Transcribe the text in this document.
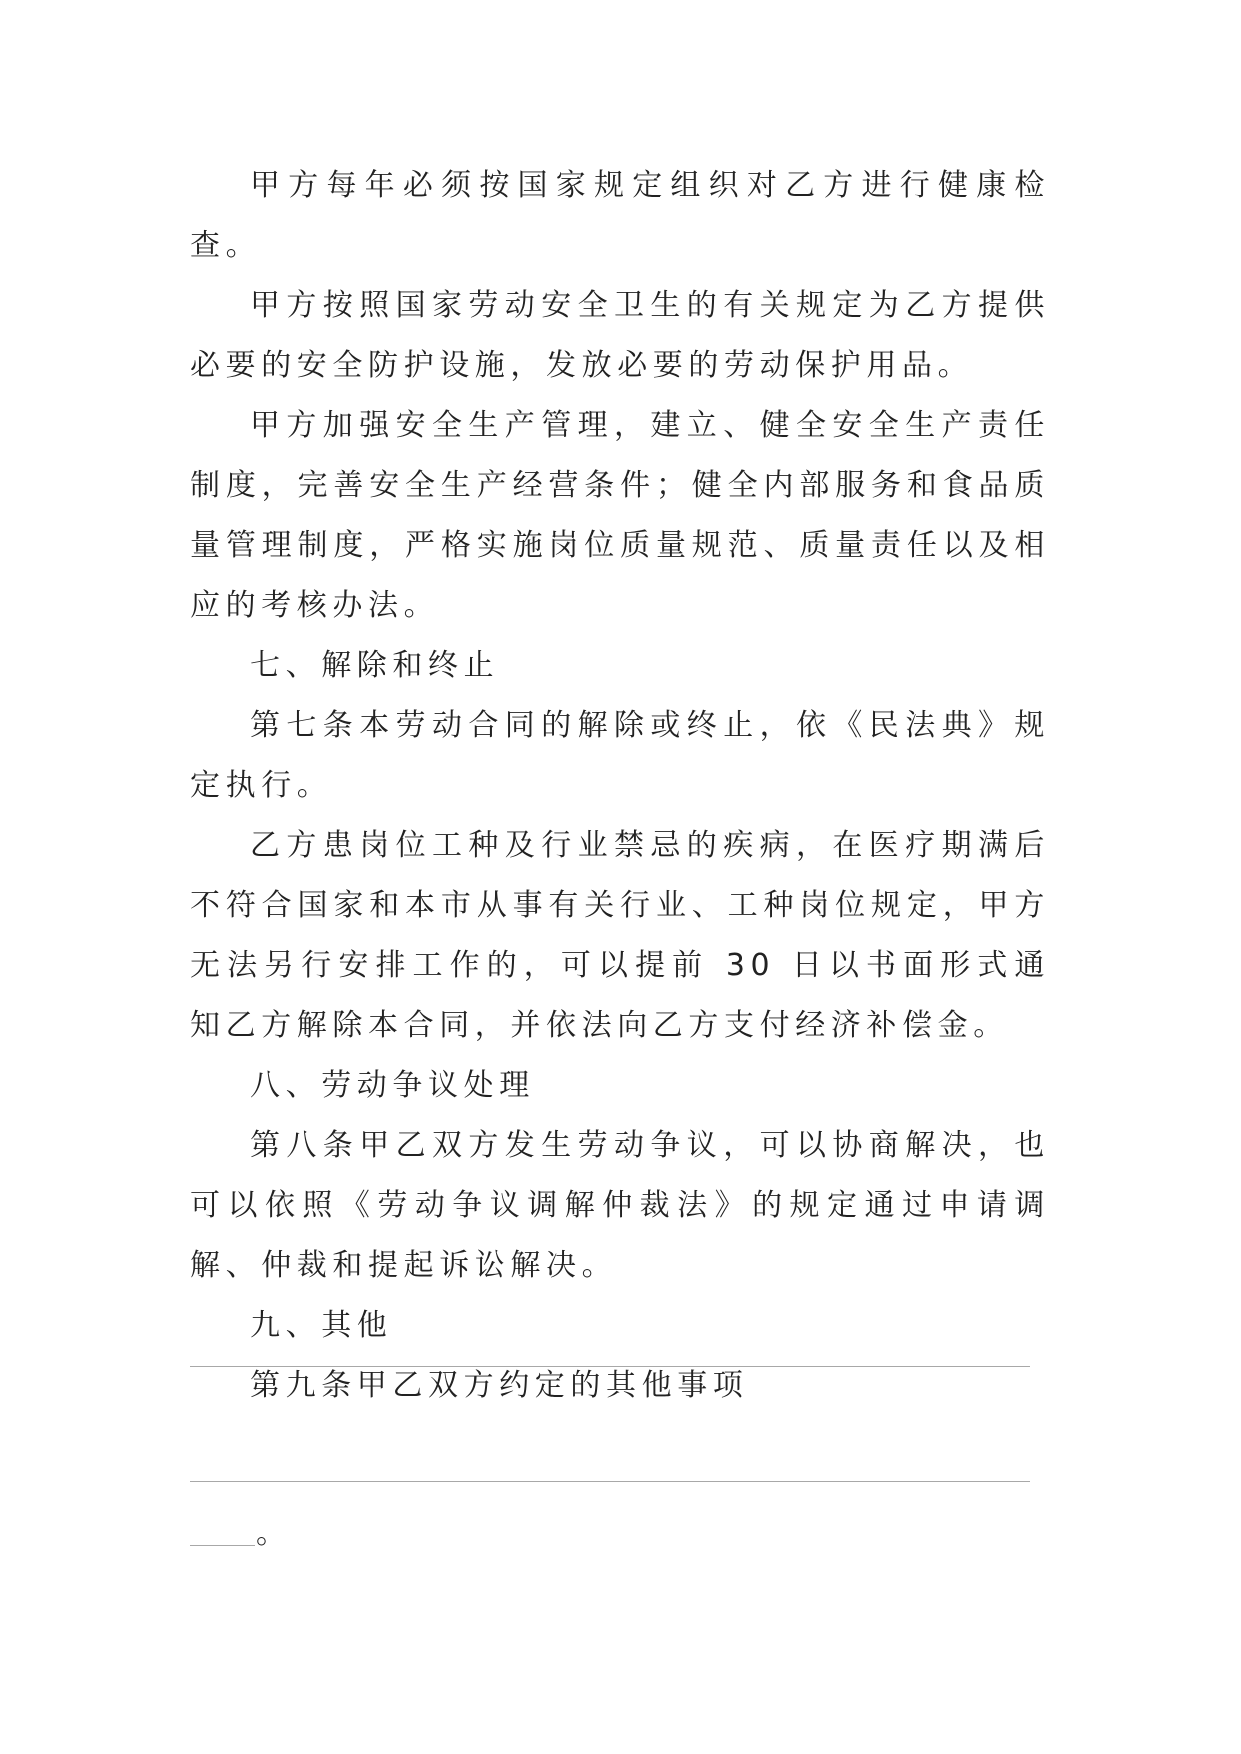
甲方每年必须按国家规定组织对乙方进行健康检查。

甲方按照国家劳动安全卫生的有关规定为乙方提供必要的安全防护设施，发放必要的劳动保护用品。

甲方加强安全生产管理，建立、健全安全生产责任制度，完善安全生产经营条件；健全内部服务和食品质量管理制度，严格实施岗位质量规范、质量责任以及相应的考核办法。

七、解除和终止

第七条本劳动合同的解除或终止，依《民法典》规定执行。

乙方患岗位工种及行业禁忌的疾病，在医疗期满后不符合国家和本市从事有关行业、工种岗位规定，甲方无法另行安排工作的，可以提前 30 日以书面形式通知乙方解除本合同，并依法向乙方支付经济补偿金。

八、劳动争议处理

第八条甲乙双方发生劳动争议，可以协商解决，也可以依照《劳动争议调解仲裁法》的规定通过申请调解、仲裁和提起诉讼解决。

九、其他

第九条甲乙双方约定的其他事项

。
